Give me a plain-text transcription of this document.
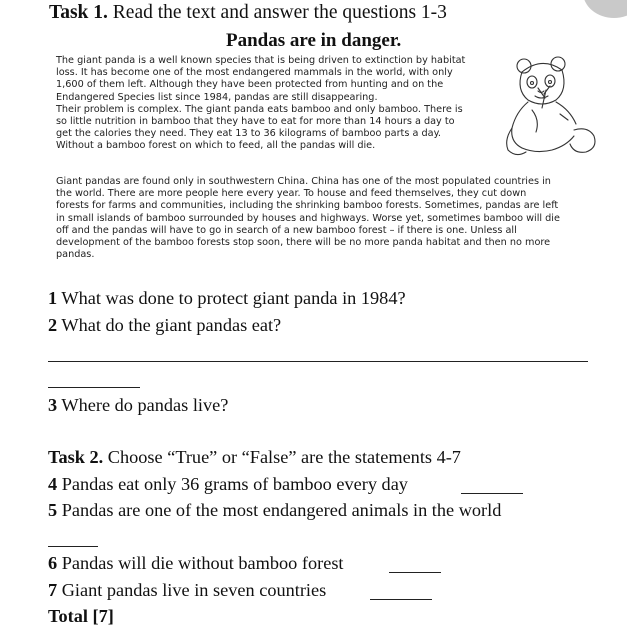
Task 1. Read the text and answer the questions 1-3
Pandas are in danger.
The giant panda is a well known species that is being driven to extinction by habitat
loss. It has become one of the most endangered mammals in the world, with only
1,600 of them left. Although they have been protected from hunting and on the
Endangered Species list since 1984, pandas are still disappearing.
Their problem is complex. The giant panda eats bamboo and only bamboo. There is
so little nutrition in bamboo that they have to eat for more than 14 hours a day to
get the calories they need. They eat 13 to 36 kilograms of bamboo parts a day.
Without a bamboo forest on which to feed, all the pandas will die.
Giant pandas are found only in southwestern China. China has one of the most populated countries in
the world. There are more people here every year. To house and feed themselves, they cut down
forests for farms and communities, including the shrinking bamboo forests. Sometimes, pandas are left
in small islands of bamboo surrounded by houses and highways. Worse yet, sometimes bamboo will die
off and the pandas will have to go in search of a new bamboo forest – if there is one. Unless all
development of the bamboo forests stop soon, there will be no more panda habitat and then no more
pandas.
1 What was done to protect giant panda in 1984?
2 What do the giant pandas eat?
3 Where do pandas live?
Task 2. Choose “True” or “False” are the statements 4-7
4 Pandas eat only 36 grams of bamboo every day
5 Pandas are one of the most endangered animals in the world
6 Pandas will die without bamboo forest
7 Giant pandas live in seven countries
Total [7]
